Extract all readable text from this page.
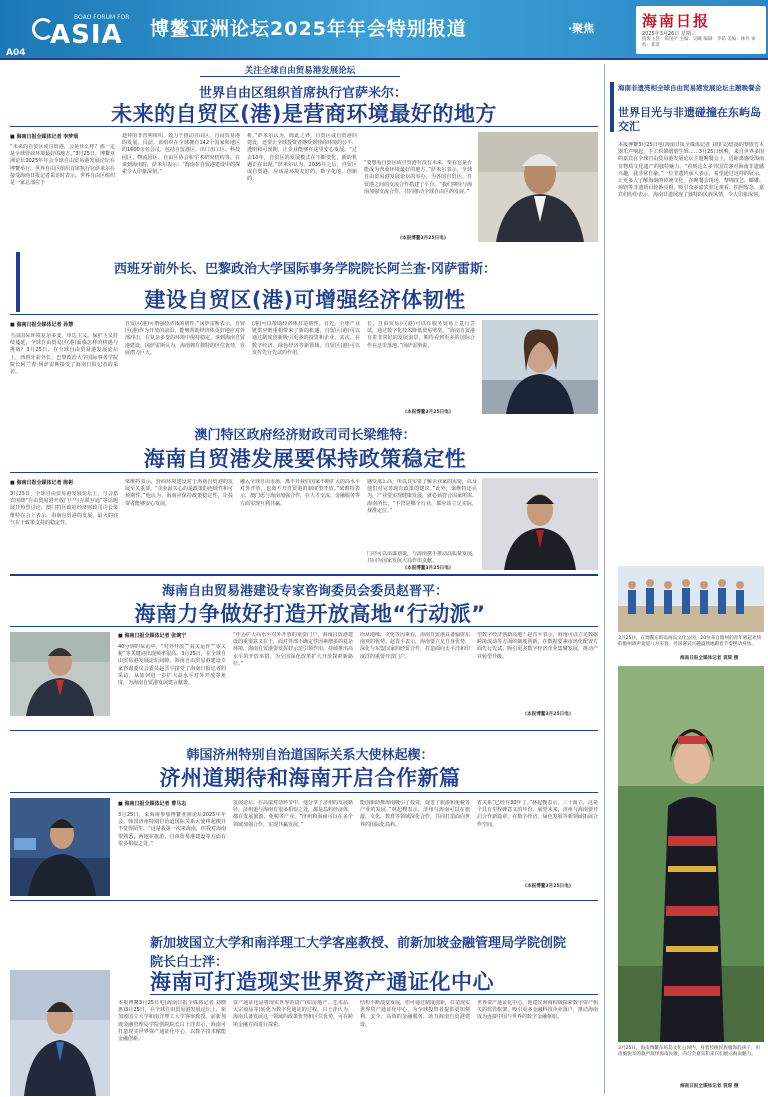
BOAO FORUM FOR
ASIA 博鳌亚洲论坛2025年年会特别报道	·聚焦
A04
海南日报
2025年3月26日 星期三
值班主任：陈国平 主编：吴曦 编辑：李昂 美编：林丹 审校：郑景
关注全球自由贸易港发展论坛
世界自由区组织首席执行官萨米尔：
未来的自贸区(港)是营商环境最好的地方
■ 海南日报全媒体记者 李梦瑶
“未来的自贸区或自贸港，会是什么样？那一定是全球营商环境最好的地方。”3月25日，博鳌亚洲论坛2025年年会全球自由贸易港发展论坛在博鳌举行，世界自由区组织首席执行官萨米尔在接受海南日报记者采访时表示。世界自由区组织是一家总部位于
迪拜的非营利组织，致力于推动自由区、自由贸易港的发展。目前，该组织在全球拥有142个国家和地区的1600余名会员。包括自贸港区、出口加工区、科技园区、物流园区、自由区协会和学术研究机构等。在谈到海南时，萨米尔表示：“海南在自贸港建设中的探索令人印象深刻。”
析，”萨米尔认为，除此之外，自贸区或自贸港的建设，还要让全球投资者感受到营商环境的公平、透明和可预期，让企业能够在这里安心发展。“过去10年，自贸区的发展模式在不断变化，新的机遇正在出现。”萨米尔认为，2035年之后，自贸区或自贸港，应该是环境友好的、数字化的、创新的。
“要想看自贸区或自贸港有没有未来，要看它是否能成为营商环境最好的地方。”萨米尔表示，全球自由贸易港发展论坛的举办，为各国自贸区、自贸港之间的交流合作搭建了平台。“我们期待与海南加强交流合作，共同推动全球自由区的发展。”
(本报博鳌3月25日电)
西班牙前外长、巴黎政治大学国际事务学院院长阿兰查·冈萨雷斯：
建设自贸区(港)可增强经济体韧性
■ 海南日报全媒体记者 孙慧
当前国际环境复杂多变，单边主义、保护主义持续蔓延，全球自由贸易区(港)面临怎样的机遇与挑战？3月25日，在全球自由贸易港发展论坛上，西班牙前外长、巴黎政治大学国际事务学院院长阿兰查·冈萨雷斯接受了海南日报记者的采访。
自贸区(港)可增强经济体的韧性。”冈萨雷斯表示，自贸区(港)作为开放的前沿，能够帮助经济体更好地应对外部冲击，在复杂多变的环境中保持稳定。谈到海南自贸港建设，冈萨雷斯认为，海南拥有独特的区位优势，发展潜力巨大。
(港)可以帮助经济体打造韧性。首先，全球产业链供应链重构带来了新的机遇，自贸区(港)可以通过制度创新吸引更多的投资和企业。其次，在数字经济、绿色经济等新领域，自贸区(港)可以发挥先行先试的作用。
长，自由贸易区(港)可以在服务贸易上进行尝试，通过数字化技术降低贸易壁垒。“海南自贸港有着非常好的发展前景，期待看到更多的国际合作在这里落地。”冈萨雷斯说。
(本报博鳌3月25日电)
澳门特区政府经济财政司司长梁维特：
海南自贸港发展要保持政策稳定性
■ 海南日报全媒体记者 陈彬
3月25日，全球自由贸易港发展论坛上，与会嘉宾围绕“自由贸易港开放门户与互联互通”等话题展开热烈讨论。澳门特区政府经济财政司司长梁维特在会上表示，海南自贸港的发展，最大的底气在于政策支持的稳定性。
梁维特表示，营商环境建设对于海南自贸港的发展至关重要。“企业最关心的是政策的连续性和可预期性。”他认为，海南应保持政策稳定性，让投资者能够安心发展。
融入全球自由市场，离不开我们国家不断扩大的高水平对外开放，也离不开自贸港的制度型开放。”梁维特表示，澳门愿与海南加强合作，在人才交流、金融服务等方面实现互利共赢。
感受那么高，所以其实要了解企业家的需要，以及他们对完善现有政策的建议。”此外，梁维特还认为，产业要实现健康发展，就必须符合国家所需、海南所长。“不管是哪个行业，都应该立足实际，找准定位。”
门亦可以出谋划策，与海南携手推动高质量发展，共同为国家发展大局作出贡献。
(本报博鳌3月25日电)
海南自由贸易港建设专家咨询委员会委员赵晋平：
海南力争做好打造开放高地“行动派”
■ 海南日报全媒体记者 张琬宁
40分钟的采访中，“对外开放”“封关运作”“零关税”等关键词出现频率很高。3月25日，在全球自由贸易港发展论坛间隙，海南自由贸易港建设专家咨询委员会委员赵晋平接受了海南日报记者的采访，从如何进一步扩大高水平对外开放等角度，为海南自贸港发展建言献策。
“作为扩大高水平对外开放的重要门户，海南自贸港建设的重要意义在于，面对外部不确定性因素增多的复杂环境，海南自贸港要发挥好示范引领作用，持续推出高水平的开放举措，为全国深化改革扩大开放探索新路径。”
而从地缘、文化等因素看，海南自贸港具备辐射东南亚的优势。赵晋平表示，海南要立足自身优势，深化与东盟国家的经贸合作，打造面向太平洋和印度洋的重要开放门户。
型数字经济创新高地？赵晋平表示，海南可以立足数据跨境流动等方面的制度创新，在数据要素市场化配置方面先行先试，吸引更多数字经济企业集聚发展，推动产业转型升级。
(本报博鳌3月25日电)
韩国济州特别自治道国际关系大使林起楔：
济州道期待和海南开启合作新篇
■ 海南日报全媒体记者 曹马志
3月25日，来海南参加博鳌亚洲论坛2025年年会，韩国济州特别自治道国际关系大使林起楔并不觉得陌生。“这是我第一次来海南，但我对海南很熟悉，两地在旅游、自由贸易港建设等方面有很多相似之处。”
发展论坛，在高端对话环节中，他分享了济州的发展路径。济州道与海南有很多相似之处，都是岛屿经济体，都在发展旅游、免税等产业。“济州和海南可以在多个领域加强合作，实现共赢发展。”
能创新助推海南吸引了投资，促进了旅游和免税等产业的发展。”林起楔表示，济州与海南可以在旅游、文化、教育等领域深化合作，共同打造面向世界的国际化岛屿。
省关系”已经有30年了。”林起楔表示，三十而立，这是个具有里程碑意义的年份。展望未来，济州与海南要开启合作新篇章，在数字经济、绿色发展等新领域拓展合作空间。
(本报博鳌3月25日电)
新加坡国立大学和南洋理工大学客座教授、前新加坡金融管理局学院创院院长白士泮：
海南可打造现实世界资产通证化中心
本报博鳌3月25日电(海南日报全媒体记者 刘晓惠)3月25日，在全球自由贸易港发展论坛上，新加坡国立大学和南洋理工大学客座教授、前新加坡金融管理局学院创院院长白士泮表示，海南可打造现实世界资产通证化中心，以数字技术赋能金融创新。
资产通证化是将现实世界的资产(如房地产、艺术品、大宗商品等)转化为数字化通证的过程。白士泮认为，海南具备发展这一领域的政策优势和区位优势，可在跨境金融方面进行探索。
结构不断演变发展，但可通过制度创新，打造现实世界资产通证化中心，为全球投资者提供更加便利、安全、高效的金融服务，助力海南自贸港建设。
世界资产通证化中心。他建议海南积极探索数字资产相关的监管框架，吸引更多金融科技企业落户，推动海南成为连接中国与世界的数字金融枢纽。
海南非遗亮相全球自由贸易港发展论坛主题晚餐会
世界目光与非遗碰撞在东屿岛交汇
本报博鳌3月25日电(海南日报全媒体记者 刘琪文)悠扬的黎族竹木器乐声响起，手工织锦熠熠生辉……3月25日傍晚，来自世界多国的嘉宾在全球自由贸易港发展论坛主题晚餐会上，近距离感受海南非物质文化遗产的独特魅力。“看到这么多外国宾客对海南非遗感兴趣，我非常自豪。”一位非遗传承人表示，希望通过这样的展示，让更多人了解海南的传统文化。在晚餐会现场，黎锦技艺、椰雕、琼剧等非遗项目轮番亮相，吸引众多嘉宾驻足观看、拍照留念。嘉宾们纷纷表示，海南非遗展现了独特的民族风情，令人印象深刻。
3月25日，在博鳌东屿岛海岛文化公园，20位来自儋州的青年唱起欢快的儋州调声欢迎八方来客。外国嘉宾兴趣盎然地跟着节奏摆动身体。
海南日报全媒体记者 袁琛 摄
3月25日，海南博鳌东屿岛文化公园内，身着传统民族服饰的孩子，用清脆悦耳的歌声演绎海南民歌，向与会嘉宾和来宾们展示海南魅力。
海南日报全媒体记者 袁琛 摄
